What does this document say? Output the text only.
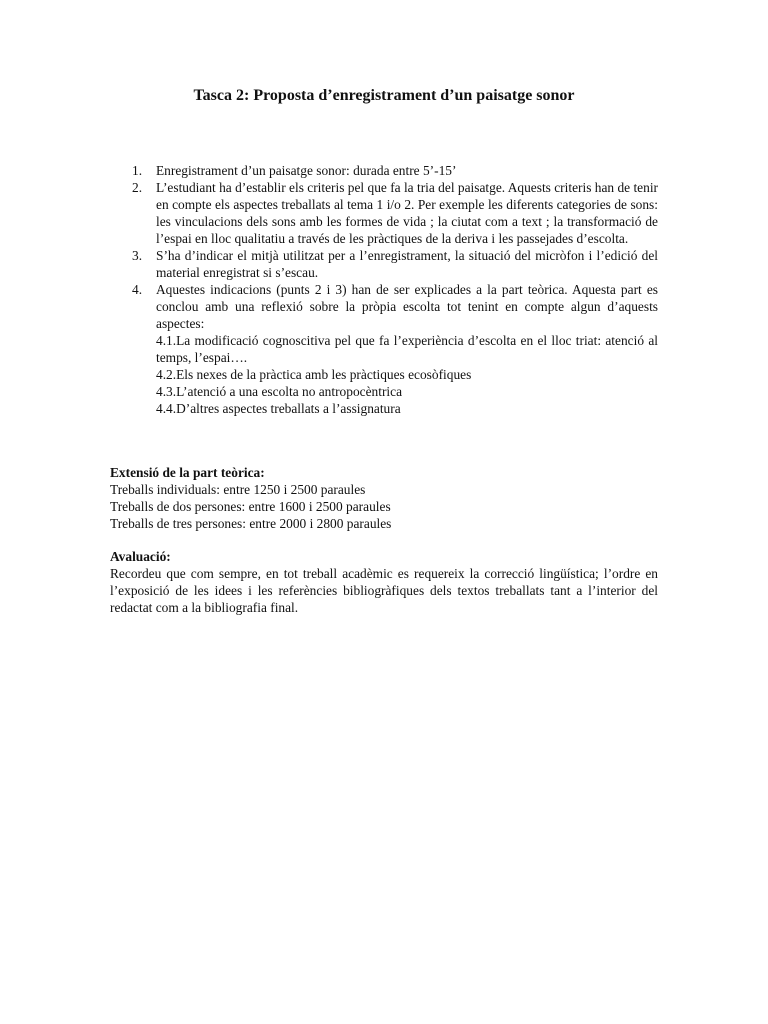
Tasca 2: Proposta d’enregistrament d’un paisatge sonor
1. Enregistrament d’un paisatge sonor: durada entre 5’-15’
2. L’estudiant ha d’establir els criteris pel que fa la tria del paisatge. Aquests criteris han de tenir en compte els aspectes treballats al tema 1 i/o 2. Per exemple les diferents categories de sons: les vinculacions dels sons amb les formes de vida ; la ciutat com a text ; la transformació de l’espai en lloc qualitatiu a través de les pràctiques de la deriva i les passejades d’escolta.
3. S’ha d’indicar el mitjà utilitzat per a l’enregistrament, la situació del micròfon i l’edició del material enregistrat si s’escau.
4. Aquestes indicacions (punts 2 i 3) han de ser explicades a la part teòrica. Aquesta part es conclou amb una reflexió sobre la pròpia escolta tot tenint en compte algun d’aquests aspectes:

4.1.La modificació cognoscitiva pel que fa l’experiència d’escolta en el lloc triat: atenció al temps, l’espai….

4.2.Els nexes de la pràctica amb les pràctiques ecosòfiques

4.3.L’atenció a una escolta no antropocèntrica

4.4.D’altres aspectes treballats a l’assignatura

Extensió de la part teòrica:

Treballs individuals: entre 1250 i 2500 paraules

Treballs de dos persones: entre 1600 i 2500 paraules

Treballs de tres persones: entre 2000 i 2800 paraules

Avaluació:

Recordeu que com sempre, en tot treball acadèmic es requereix la correcció lingüística; l’ordre en l’exposició de les idees i les referències bibliogràfiques dels textos treballats tant a l’interior del redactat com a la bibliografia final.
